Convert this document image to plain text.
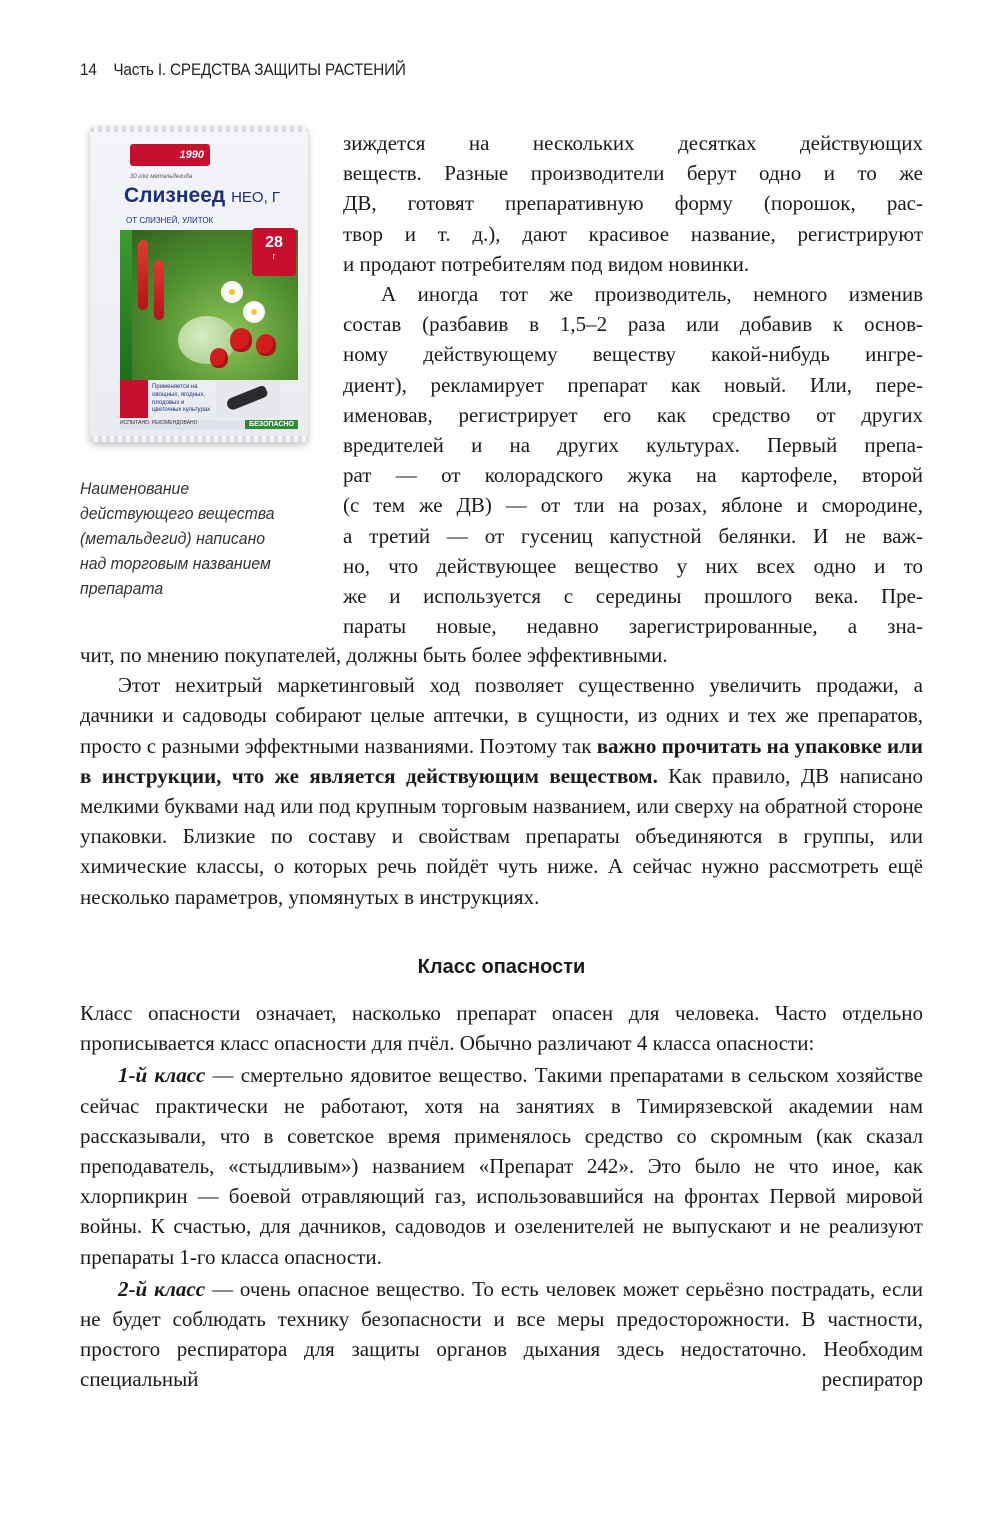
14 Часть I. СРЕДСТВА ЗАЩИТЫ РАСТЕНИЙ
1990
30 г/кг метальдегида
Слизнеед НЕО, Г
ОТ СЛИЗНЕЙ, УЛИТОК
28
г
Применяется на овощных, ягодных, плодовых и цветочных культурах
ИСПЫТАНО. РЕКОМЕНДОВАНО	БЕЗОПАСНО
Наименование
действующего вещества
(метальдегид) написано
над торговым названием
препарата

зиждется на нескольких десятках действующих

веществ. Разные производители берут одно и то же

ДВ, готовят препаративную форму (порошок, рас-

твор и т. д.), дают красивое название, регистрируют

и продают потребителям под видом новинки.

А иногда тот же производитель, немного изменив

состав (разбавив в 1,5–2 раза или добавив к основ-

ному действующему веществу какой-нибудь ингре-

диент), рекламирует препарат как новый. Или, пере-

именовав, регистрирует его как средство от других

вредителей и на других культурах. Первый препа-

рат — от колорадского жука на картофеле, второй

(с тем же ДВ) — от тли на розах, яблоне и смородине,

а третий — от гусениц капустной белянки. И не важ-

но, что действующее вещество у них всех одно и то

же и используется с середины прошлого века. Пре-

параты новые, недавно зарегистрированные, а зна-

чит, по мнению покупателей, должны быть более эффективными.

Этот нехитрый маркетинговый ход позволяет существенно увеличить продажи, а дачники и садоводы собирают целые аптечки, в сущности, из одних и тех же препаратов, просто с разными эффектными названиями. Поэтому так важно прочитать на упаковке или в инструкции, что же является действующим веществом. Как правило, ДВ написано мелкими буквами над или под крупным торговым названием, или сверху на обратной стороне упаковки. Близкие по составу и свойствам препараты объединяются в группы, или химические классы, о которых речь пойдёт чуть ниже. А сейчас нужно рассмотреть ещё несколько параметров, упомянутых в инструкциях.

Класс опасности

Класс опасности означает, насколько препарат опасен для человека. Часто отдельно прописывается класс опасности для пчёл. Обычно различают 4 класса опасности:

1-й класс — смертельно ядовитое вещество. Такими препаратами в сельском хозяйстве сейчас практически не работают, хотя на занятиях в Тимирязевской академии нам рассказывали, что в советское время применялось средство со скромным (как сказал преподаватель, «стыдливым») названием «Препарат 242». Это было не что иное, как хлорпикрин — боевой отравляющий газ, использовавшийся на фронтах Первой мировой войны. К счастью, для дачников, садоводов и озеленителей не выпускают и не реализуют препараты 1-го класса опасности.

2-й класс — очень опасное вещество. То есть человек может серьёзно пострадать, если не будет соблюдать технику безопасности и все меры предосторожности. В частности, простого респиратора для защиты органов дыхания здесь недостаточно. Необходим специальный респиратор
